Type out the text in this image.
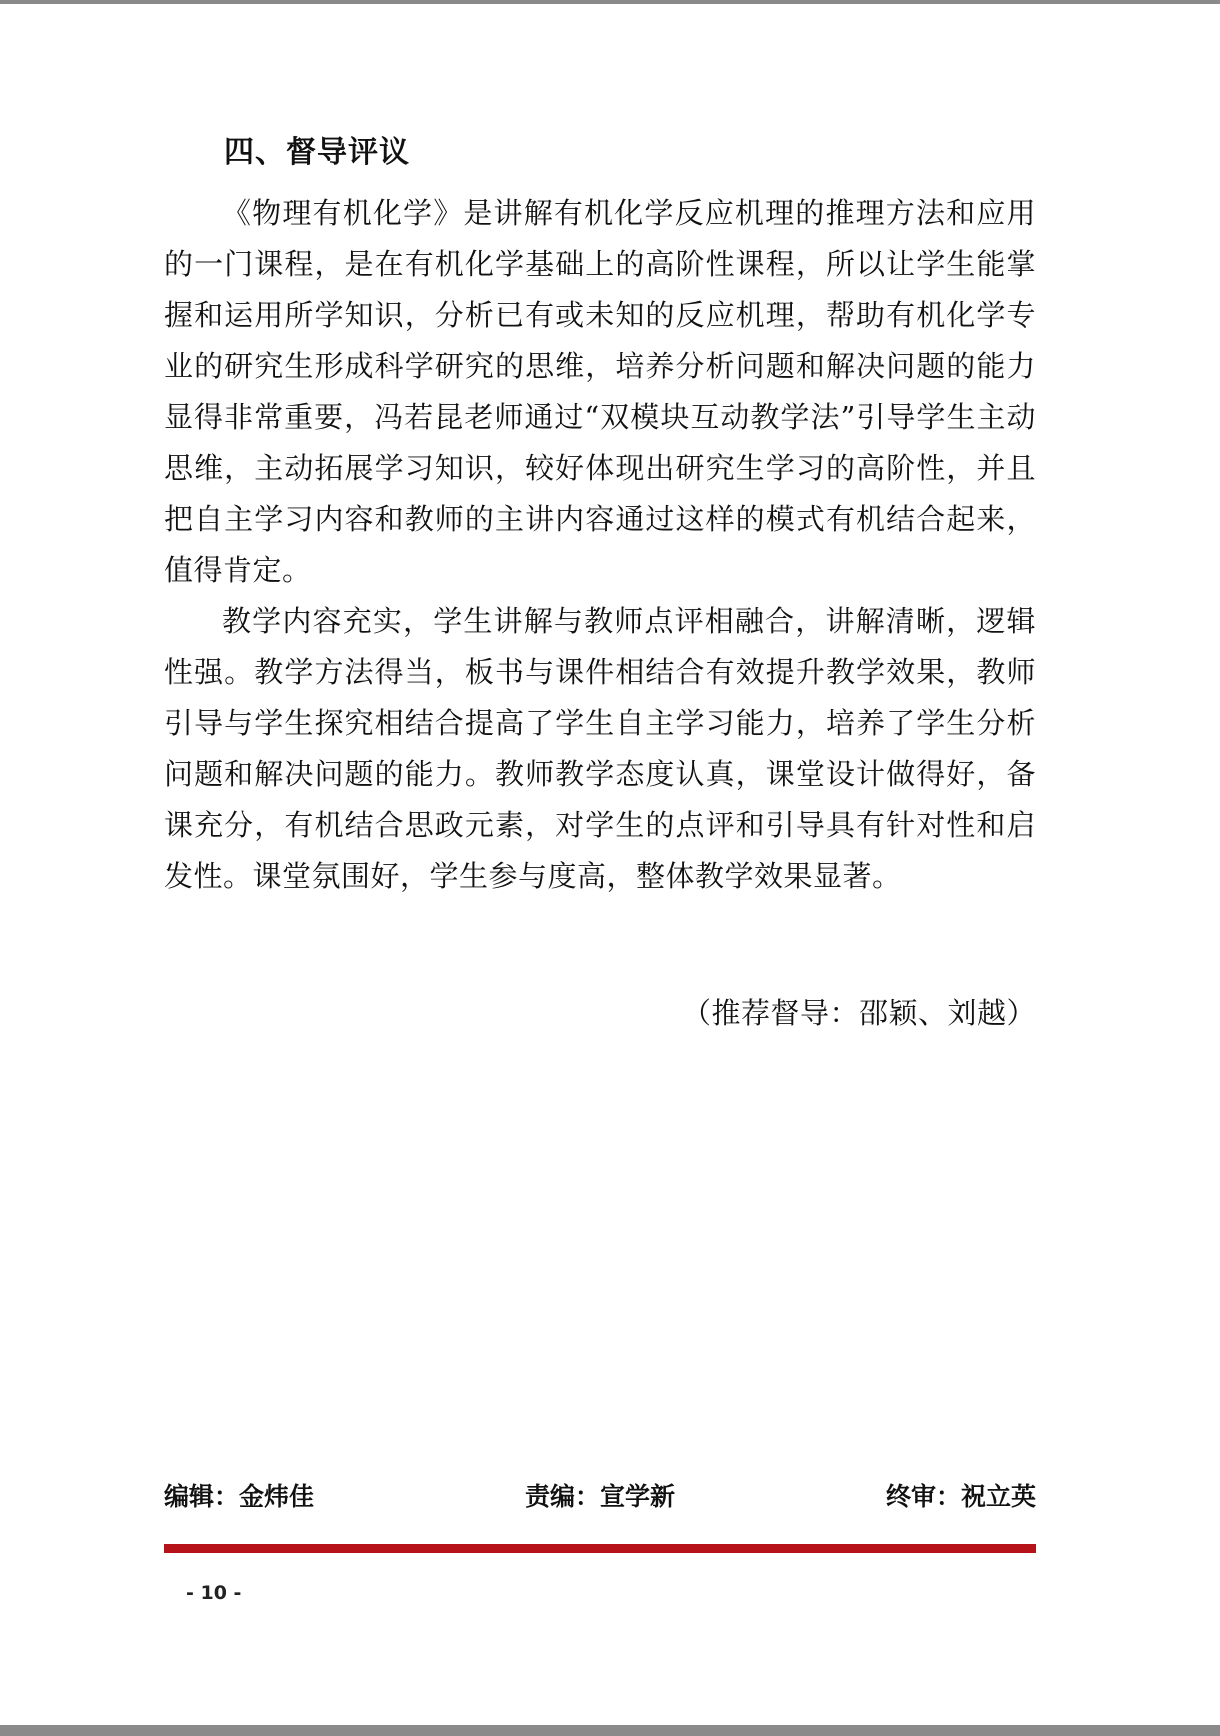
四、督导评议

《物理有机化学》是讲解有机化学反应机理的推理方法和应用的一门课程，是在有机化学基础上的高阶性课程，所以让学生能掌握和运用所学知识，分析已有或未知的反应机理，帮助有机化学专业的研究生形成科学研究的思维，培养分析问题和解决问题的能力显得非常重要，冯若昆老师通过“双模块互动教学法”引导学生主动思维，主动拓展学习知识，较好体现出研究生学习的高阶性，并且把自主学习内容和教师的主讲内容通过这样的模式有机结合起来，值得肯定。

教学内容充实，学生讲解与教师点评相融合，讲解清晰，逻辑性强。教学方法得当，板书与课件相结合有效提升教学效果，教师引导与学生探究相结合提高了学生自主学习能力，培养了学生分析问题和解决问题的能力。教师教学态度认真，课堂设计做得好，备课充分，有机结合思政元素，对学生的点评和引导具有针对性和启发性。课堂氛围好，学生参与度高，整体教学效果显著。

（推荐督导：邵颖、刘越）

编辑：金炜佳	责编：宣学新	终审：祝立英
- 10 -
